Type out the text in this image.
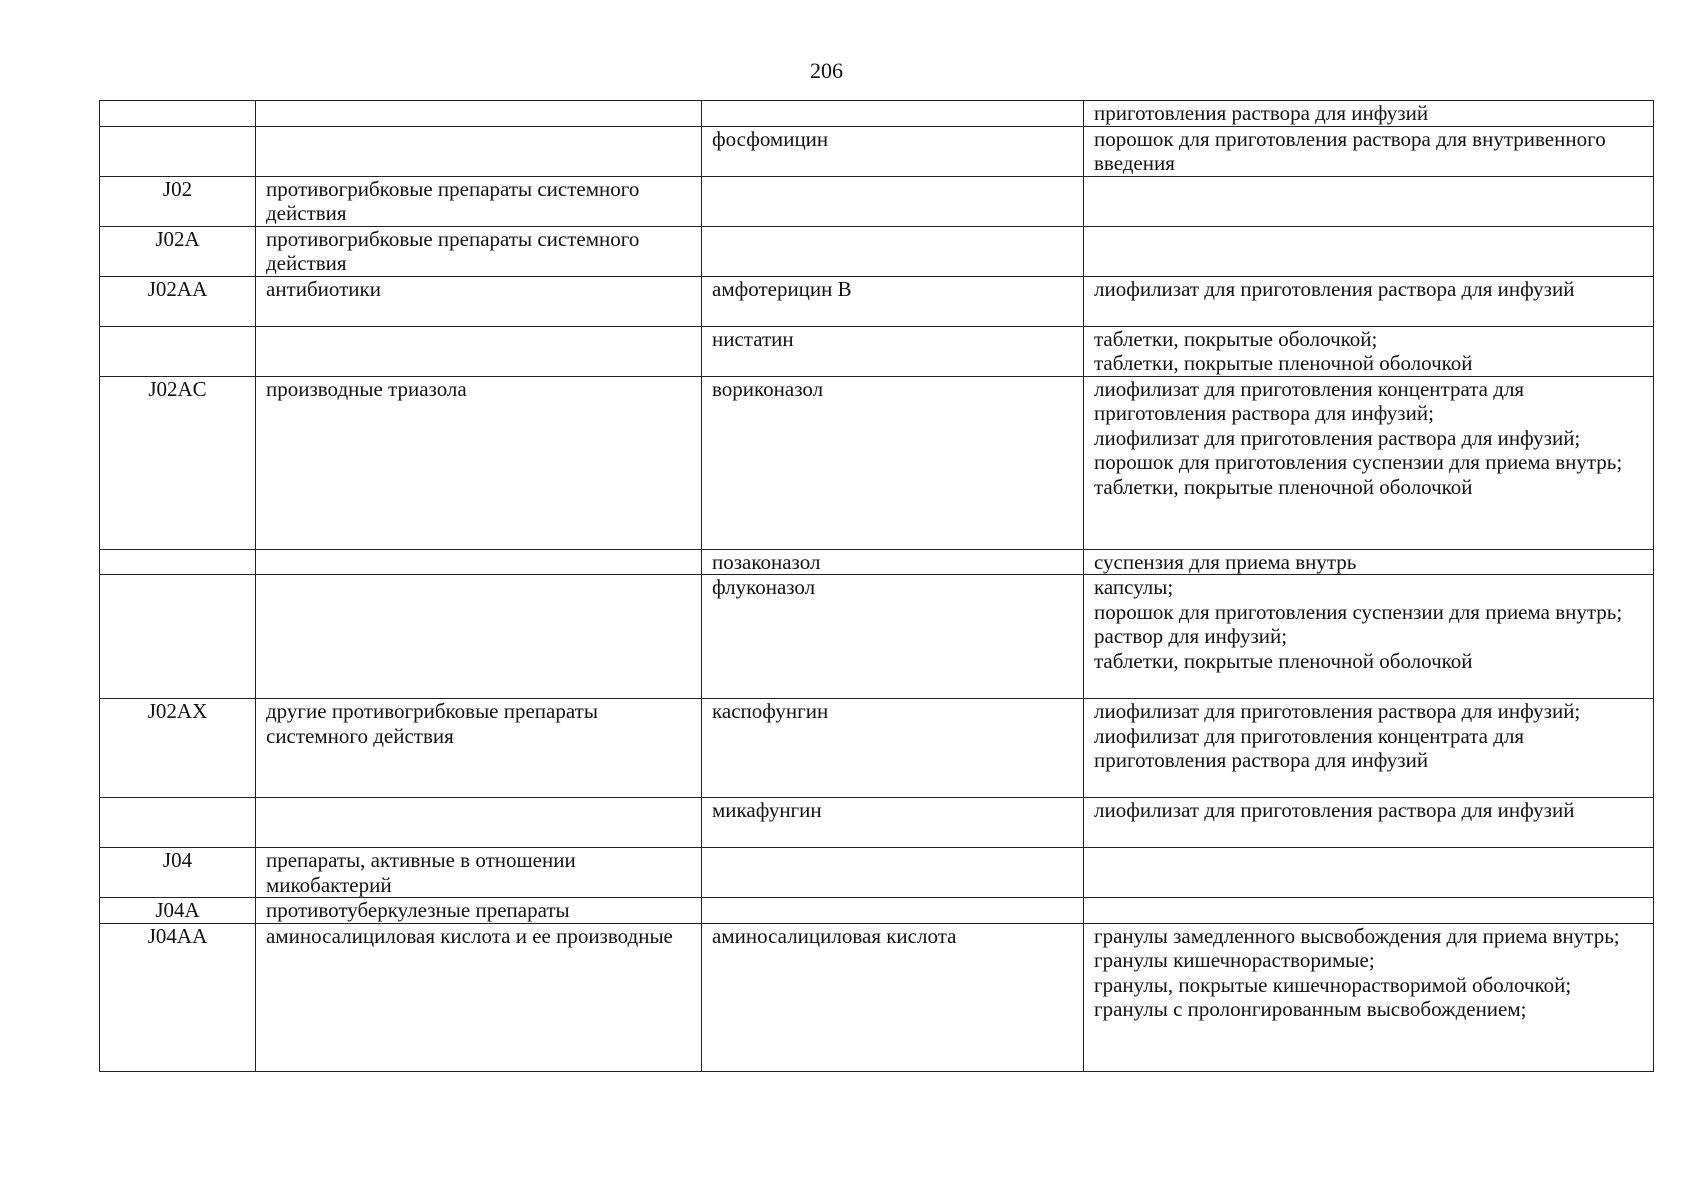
206

			приготовления раствора для инфузий

		фосфомицин	порошок для приготовления раствора для внутривенного введения

J02	противогрибковые препараты системного действия		
J02A	противогрибковые препараты системного действия		
J02AA	антибиотики	амфотерицин B	лиофилизат для приготовления раствора для инфузий

		нистатин	таблетки, покрытые оболочкой;
таблетки, покрытые пленочной оболочкой

J02AC	производные триазола	вориконазол	лиофилизат для приготовления концентрата для приготовления раствора для инфузий;
лиофилизат для приготовления раствора для инфузий;
порошок для приготовления суспензии для приема внутрь;
таблетки, покрытые пленочной оболочкой

		позаконазол	суспензия для приема внутрь

		флуконазол	капсулы;
порошок для приготовления суспензии для приема внутрь;
раствор для инфузий;
таблетки, покрытые пленочной оболочкой

J02AX	другие противогрибковые препараты системного действия	каспофунгин	лиофилизат для приготовления раствора для инфузий;
лиофилизат для приготовления концентрата для приготовления раствора для инфузий

		микафунгин	лиофилизат для приготовления раствора для инфузий

J04	препараты, активные в отношении микобактерий		
J04A	противотуберкулезные препараты		
J04AA	аминосалициловая кислота и ее производные	аминосалициловая кислота	гранулы замедленного высвобождения для приема внутрь;
гранулы кишечнорастворимые;
гранулы, покрытые кишечнорастворимой оболочкой;
гранулы с пролонгированным высвобождением;
